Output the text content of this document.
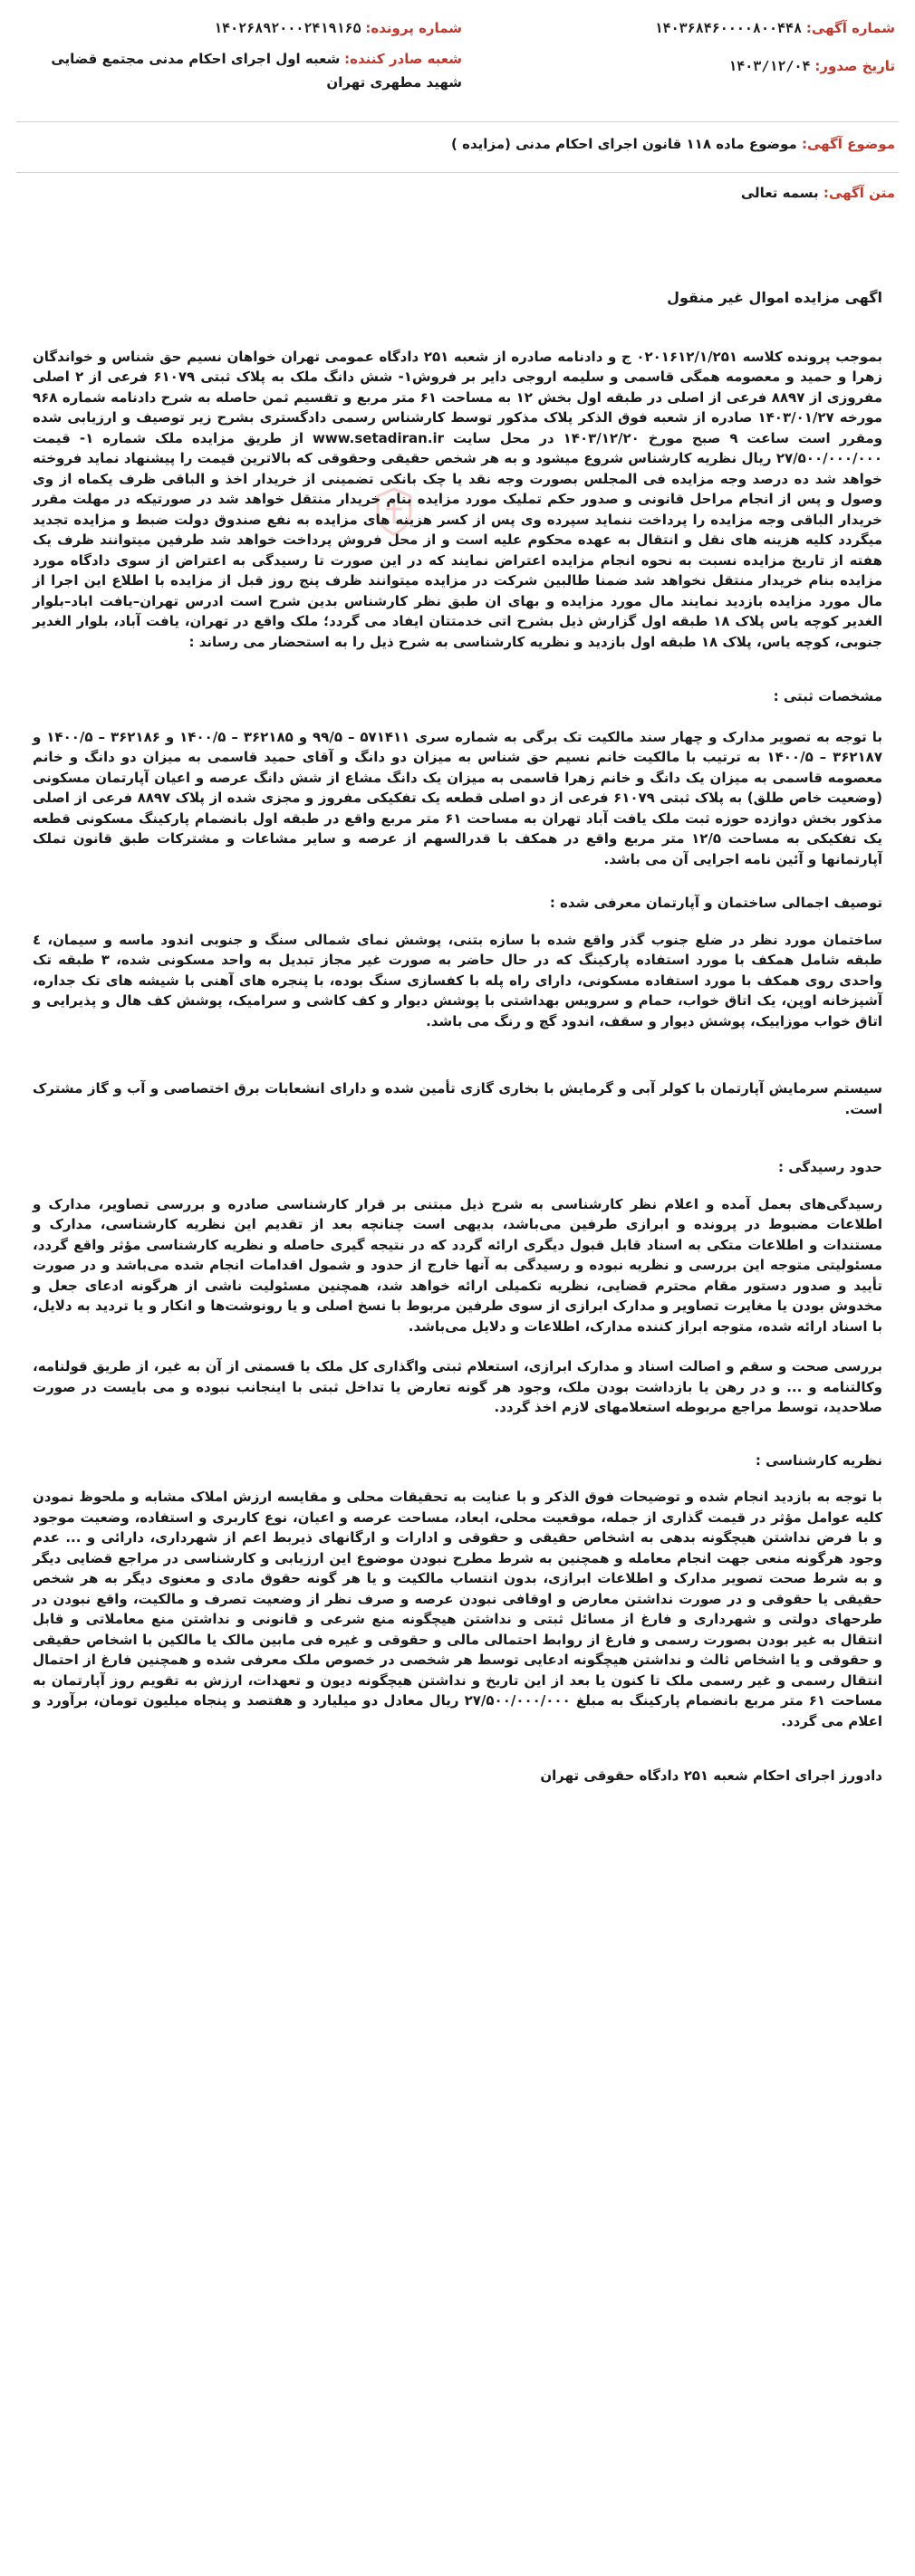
شماره آگهی: ۱۴۰۳۶۸۴۶۰۰۰۰۸۰۰۴۴۸
تاریخ صدور: ۱۴۰۳/۱۲/۰۴
شماره پرونده: ۱۴۰۲۶۸۹۲۰۰۰۲۴۱۹۱۶۵
شعبه صادر کننده: شعبه اول اجرای احکام مدنی مجتمع قضایی شهید مطهری تهران
موضوع آگهی: موضوع ماده ۱۱۸ قانون اجرای احکام مدنی (مزایده )
متن آگهی: بسمه تعالی

اگهی مزایده اموال غیر منقول

بموجب پرونده کلاسه ۰۲۰۱۶۱۲/۱/۲۵۱ ج و دادنامه صادره از شعبه ۲۵۱ دادگاه عمومی تهران خواهان نسیم حق شناس و خواندگان زهرا و حمید و معصومه همگی قاسمی و سلیمه اروجی دایر بر فروش۱- شش دانگ ملک به پلاک ثبتی ۶۱۰۷۹ فرعی از ۲ اصلی مفروزی از ۸۸۹۷ فرعی از اصلی در طبقه اول بخش ۱۲ به مساحت ۶۱ متر مربع و تقسیم ثمن حاصله به شرح دادنامه شماره ۹۶۸ مورخه ۱۴۰۳/۰۱/۲۷ صادره از شعبه فوق الذکر پلاک مذکور توسط کارشناس رسمی دادگستری بشرح زیر توصیف و ارزیابی شده ومقرر است ساعت ۹ صبح مورخ ۱۴۰۳/۱۲/۲۰ در محل سایت www.setadiran.ir از طریق مزایده ملک شماره ۱- قیمت ۲۷/۵۰۰/۰۰۰/۰۰۰ ریال نظریه کارشناس شروع میشود و به هر شخص حقیقی وحقوقی که بالاترین قیمت را پیشنهاد نماید فروخته خواهد شد ده درصد وجه مزایده فی المجلس بصورت وجه نقد یا چک بانکی تضمینی از خریدار اخذ و الباقی ظرف یکماه از وی وصول و پس از انجام مراحل قانونی و صدور حکم تملیک مورد مزایده بنام خریدار منتقل خواهد شد در صورتیکه در مهلت مقرر خریدار الباقی وجه مزایده را پرداخت ننماید سپرده وی پس از کسر هزینه های مزایده به نفع صندوق دولت ضبط و مزایده تجدید میگردد کلیه هزینه های نقل و انتقال به عهده محکوم علیه است و از محل فروش پرداخت خواهد شد طرفین میتوانند ظرف یک هفته از تاریخ مزایده نسبت به نحوه انجام مزایده اعتراض نمایند که در این صورت تا رسیدگی به اعتراض از سوی دادگاه مورد مزایده بنام خریدار منتقل نخواهد شد ضمنا طالبین شرکت در مزایده میتوانند ظرف پنج روز قبل از مزایده با اطلاع این اجرا از مال مورد مزایده بازدید نمایند مال مورد مزایده و بهای ان طبق نظر کارشناس بدین شرح است ادرس تهران–یافت اباد–بلوار الغدیر کوچه یاس پلاک ۱۸ طبقه اول گزارش ذیل بشرح اتی خدمتتان ایفاد می گردد؛ ملک واقع در تهران، یافت آباد، بلوار الغدیر جنوبی، کوچه یاس، پلاک ۱۸ طبقه اول بازدید و نظریه کارشناسی به شرح ذیل را به استحضار می رساند :

مشخصات ثبتی :

با توجه به تصویر مدارک و چهار سند مالکیت تک برگی به شماره سری ۵۷۱۴۱۱ – ۹۹/۵ و ۳۶۲۱۸۵ – ۱۴۰۰/۵ و ۳۶۲۱۸۶ – ۱۴۰۰/۵ و ۳۶۲۱۸۷ – ۱۴۰۰/۵ به ترتیب با مالکیت خانم نسیم حق شناس به میزان دو دانگ و آقای حمید قاسمی به میزان دو دانگ و خانم معصومه قاسمی به میزان یک دانگ و خانم زهرا قاسمی به میزان یک دانگ مشاع از شش دانگ عرصه و اعیان آپارتمان مسکونی (وضعیت خاص طلق) به پلاک ثبتی ۶۱۰۷۹ فرعی از دو اصلی قطعه یک تفکیکی مفروز و مجزی شده از پلاک ۸۸۹۷ فرعی از اصلی مذکور بخش دوازده حوزه ثبت ملک یافت آباد تهران به مساحت ۶۱ متر مربع واقع در طبقه اول بانضمام پارکینگ مسکونی قطعه یک تفکیکی به مساحت ۱۲/۵ متر مربع واقع در همکف با قدرالسهم از عرصه و سایر مشاعات و مشترکات طبق قانون تملک آپارتمانها و آئین نامه اجرایی آن می باشد.

توصیف اجمالی ساختمان و آپارتمان معرفی شده :

ساختمان مورد نظر در ضلع جنوب گذر واقع شده با سازه بتنی، پوشش نمای شمالی سنگ و جنوبی اندود ماسه و سیمان، ٤ طبقه شامل همکف با مورد استفاده پارکینگ که در حال حاضر به صورت غیر مجاز تبدیل به واحد مسکونی شده، ۳ طبقه تک واحدی روی همکف با مورد استفاده مسکونی، دارای راه پله با کفسازی سنگ بوده، با پنجره های آهنی با شیشه های تک جداره، آشپزخانه اوپن، یک اتاق خواب، حمام و سرویس بهداشتی با پوشش دیوار و کف کاشی و سرامیک، پوشش کف هال و پذیرایی و اتاق خواب موزاییک، پوشش دیوار و سقف، اندود گچ و رنگ می باشد.

سیستم سرمایش آپارتمان با کولر آبی و گرمایش با بخاری گازی تأمین شده و دارای انشعابات برق اختصاصی و آب و گاز مشترک است.

حدود رسیدگی :

رسیدگی‌های بعمل آمده و اعلام نظر کارشناسی به شرح ذیل مبتنی بر قرار کارشناسی صادره و بررسی تصاویر، مدارک و اطلاعات مضبوط در پرونده و ابرازی طرفین می‌باشد، بدیهی است چنانچه بعد از تقدیم این نظریه کارشناسی، مدارک و مستندات و اطلاعات متکی به اسناد قابل قبول دیگری ارائه گردد که در نتیجه گیری حاصله و نظریه کارشناسی مؤثر واقع گردد، مسئولیتی متوجه این بررسی و نظریه نبوده و رسیدگی به آنها خارج از حدود و شمول اقدامات انجام شده می‌باشد و در صورت تأیید و صدور دستور مقام محترم قضایی، نظریه تکمیلی ارائه خواهد شد، همچنین مسئولیت ناشی از هرگونه ادعای جعل و مخدوش بودن یا مغایرت تصاویر و مدارک ابرازی از سوی طرفین مربوط با نسخ اصلی و یا رونوشت‌ها و انکار و یا تردید به دلایل، با اسناد ارائه شده، متوجه ابراز کننده مدارک، اطلاعات و دلایل می‌باشد.

بررسی صحت و سقم و اصالت اسناد و مدارک ابرازی، استعلام ثبتی واگذاری کل ملک یا قسمتی از آن به غیر، از طریق قولنامه، وکالتنامه و ... و در رهن یا بازداشت بودن ملک، وجود هر گونه تعارض یا تداخل ثبتی با اینجانب نبوده و می بایست در صورت صلاحدید، توسط مراجع مربوطه استعلامهای لازم اخذ گردد.

نظریه کارشناسی :

با توجه به بازدید انجام شده و توضیحات فوق الذکر و با عنایت به تحقیقات محلی و مقایسه ارزش املاک مشابه و ملحوظ نمودن کلیه عوامل مؤثر در قیمت گذاری از جمله، موقعیت محلی، ابعاد، مساحت عرصه و اعیان، نوع کاربری و استفاده، وضعیت موجود و با فرض نداشتن هیچگونه بدهی به اشخاص حقیقی و حقوقی و ادارات و ارگانهای ذیربط اعم از شهرداری، دارائی و ... عدم وجود هرگونه منعی جهت انجام معامله و همچنین به شرط مطرح نبودن موضوع این ارزیابی و کارشناسی در مراجع قضایی دیگر و به شرط صحت تصویر مدارک و اطلاعات ابرازی، بدون انتساب مالکیت و یا هر گونه حقوق مادی و معنوی دیگر به هر شخص حقیقی یا حقوقی و در صورت نداشتن معارض و اوقافی نبودن عرصه و صرف نظر از وضعیت تصرف و مالکیت، واقع نبودن در طرحهای دولتی و شهرداری و فارغ از مسائل ثبتی و نداشتن هیچگونه منع شرعی و قانونی و نداشتن منع معاملاتی و قابل انتقال به غیر بودن بصورت رسمی و فارغ از روابط احتمالی مالی و حقوقی و غیره فی مابین مالک یا مالکین با اشخاص حقیقی و حقوقی و یا اشخاص ثالث و نداشتن هیچگونه ادعایی توسط هر شخصی در خصوص ملک معرفی شده و همچنین فارغ از احتمال انتقال رسمی و غیر رسمی ملک تا کنون یا بعد از این تاریخ و نداشتن هیچگونه دیون و تعهدات، ارزش به تقویم روز آپارتمان به مساحت ۶۱ متر مربع بانضمام پارکینگ به مبلغ ۲۷/۵۰۰/۰۰۰/۰۰۰ ریال معادل دو میلیارد و هفتصد و پنجاه میلیون تومان، برآورد و اعلام می گردد.

دادورز اجرای احکام شعبه ۲۵۱ دادگاه حقوقی تهران
